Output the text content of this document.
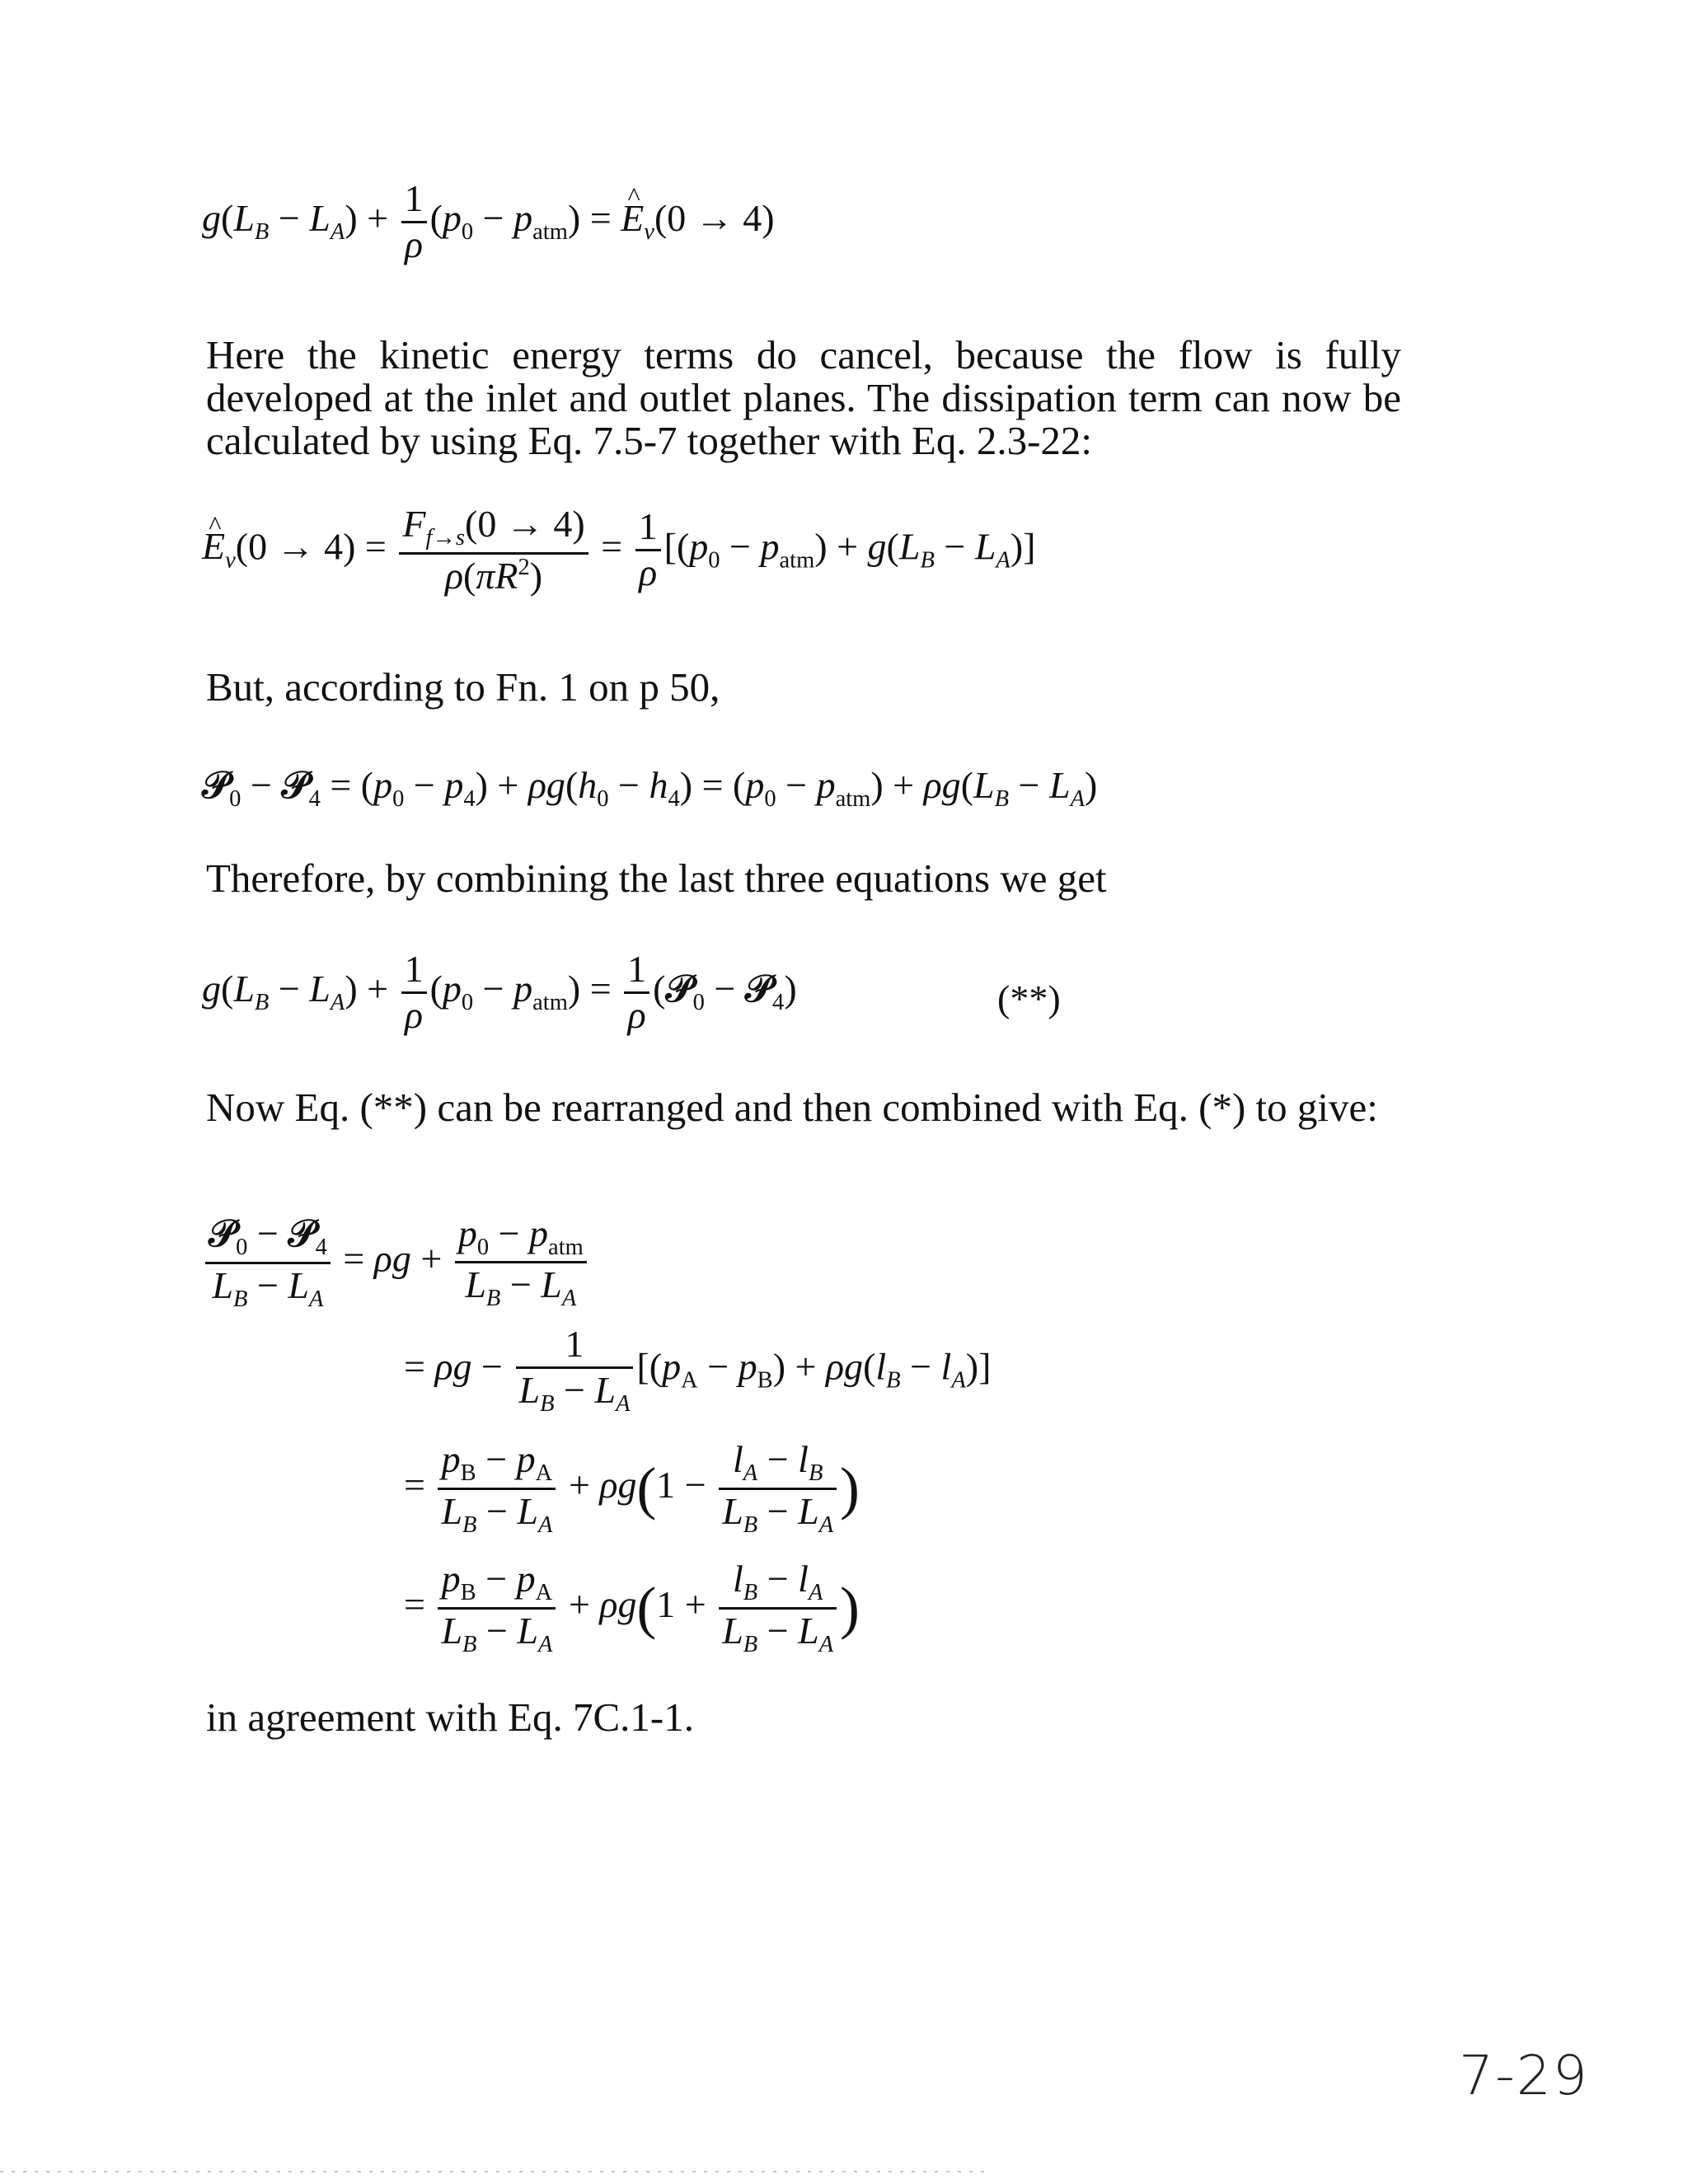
$g(L_B - L_A) + \frac{1}{\rho} (p_0 - p_{atm})$ = ^ $E_v(0 \to 4)$

Here the kinetic energy terms do cancel, because the flow is fully developed at the inlet and outlet planes. The dissipation term can now be calculated by using Eq. 7.5-7 together with Eq. 2.3-22:

^ $E_v(0 \to 4) = \frac{F_{f\to s}(0 \to 4)}{\rho(\pi R^2)} = \frac{1}{\rho} [(p_0 - p_{atm}) + g(L_B - L_A)]$

But, according to Fn. 1 on p 50,

𝒫$_0$ − 𝒫$_4$ = $(p_0 - p_4) + \rho g(h_0 - h_4) = (p_0 - p_{atm}) + \rho g(L_B - L_A)$

Therefore, by combining the last three equations we get

$g(L_B - L_A) + \frac{1}{\rho} (p_0 - p_{atm}) = \frac{1}{\rho}$ (𝒫$_0$ − 𝒫$_4$)	(**)

Now Eq. (**) can be rearranged and then combined with Eq. (*) to give:

$\frac{𝒫_0 - 𝒫_4}{L_B - L_A} = \rho g + \frac{p_0 - p_{atm}}{L_B - L_A}$
= $\rho g - \frac{1}{L_B - L_A} [(p_A - p_B) + \rho g(l_B - l_A)]$
= $\frac{p_B - p_A}{L_B - L_A} + \rho g(1 - \frac{l_A - l_B}{L_B - L_A}$ )
= $\frac{p_B - p_A}{L_B - L_A} + \rho g(1 + \frac{l_B - l_A}{L_B - L_A}$ )

in agreement with Eq. 7C.1-1.

7-29
